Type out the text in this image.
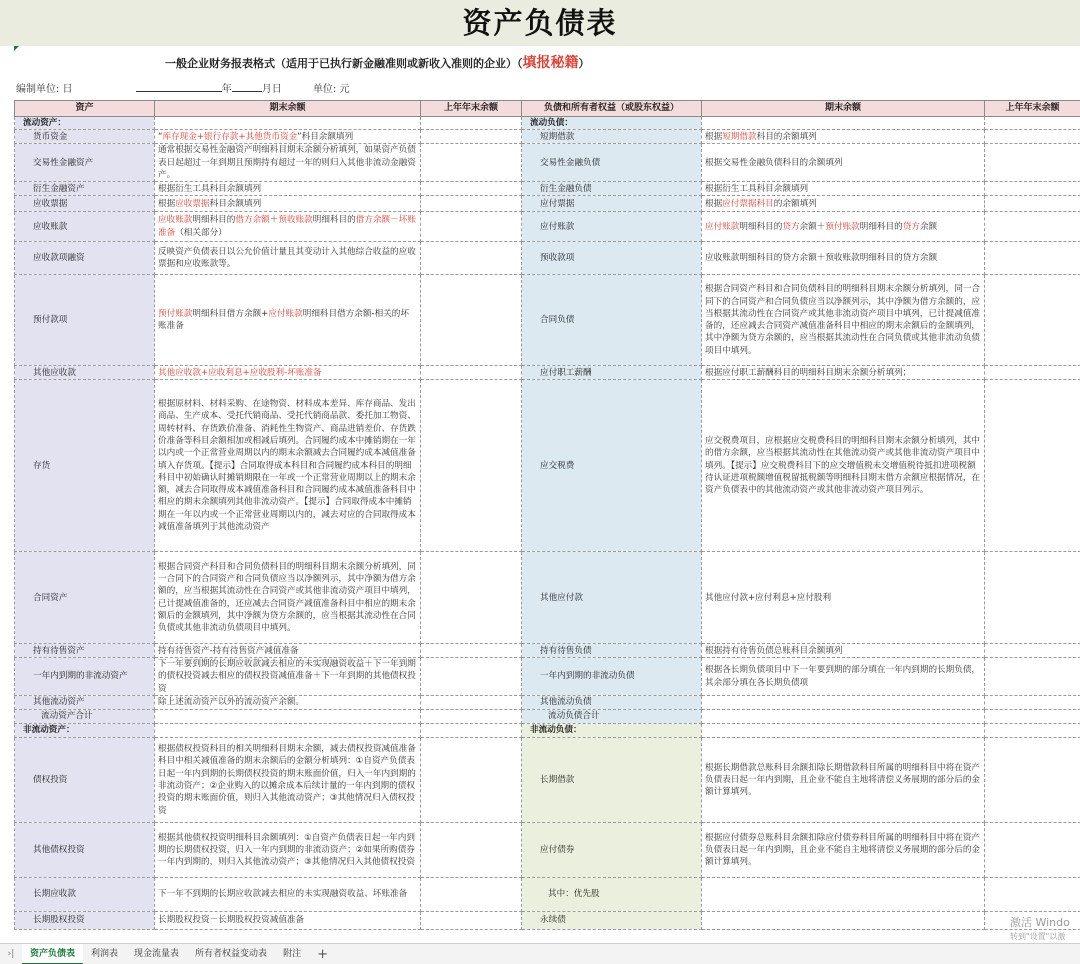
资产负债表
一般企业财务报表格式（适用于已执行新金融准则或新收入准则的企业）（填报秘籍）
编制单位: 日	年	月日	单位: 元
资产	期末余额	上年年末余额	负债和所有者权益（或股东权益）	期末余额	上年年末余额
流动资产：			流动负债：		
货币资金	“库存现金+银行存款+其他货币资金”科目余额填列		短期借款	根据短期借款科目的余额填列	
交易性金融资产	通常根据交易性金融资产明细科目期末余额分析填列，如果资产负债表日起超过一年到期且预期持有超过一年的则归入其他非流动金融资产。		交易性金融负债	根据交易性金融负债科目的余额填列	
衍生金融资产	根据衍生工具科目余额填列		衍生金融负债	根据衍生工具科目余额填列	
应收票据	根据应收票据科目余额填列		应付票据	根据应付票据科目的余额填列	
应收账款	应收账款明细科目的借方余额＋预收账款明细科目的借方余额－坏账准备（相关部分）		应付账款	应付账款明细科目的贷方余额＋预付账款明细科目的贷方余额	
应收款项融资	反映资产负债表日以公允价值计量且其变动计入其他综合收益的应收票据和应收账款等。		预收款项	应收账款明细科目的贷方余额＋预收账款明细科目的贷方余额	
预付款项	预付账款明细科目借方余额+应付账款明细科目借方余额-相关的坏账准备		合同负债	根据合同资产科目和合同负债科目的明细科目期末余额分析填列，同一合同下的合同资产和合同负债应当以净额列示，其中净额为借方余额的，应当根据其流动性在合同资产或其他非流动资产项目中填列，已计提减值准备的，还应减去合同资产减值准备科目中相应的期末余额后的金额填列，其中净额为贷方余额的，应当根据其流动性在合同负债或其他非流动负债项目中填列。	
其他应收款	其他应收款+应收利息+应收股利-坏账准备		应付职工薪酬	根据应付职工薪酬科目的明细科目期末余额分析填列；	
存货	根据原材料、材料采购、在途物资、材料成本差异、库存商品、发出商品、生产成本、受托代销商品、受托代销商品款、委托加工物资、周转材料、存货跌价准备、消耗性生物资产、商品进销差价、存货跌价准备等科目余额相加或相减后填列。合同履约成本中摊销期在一年以内或一个正常营业周期以内的期末余额减去合同履约成本减值准备填入存货项。【提示】合同取得成本科目和合同履约成本科目的明细科目中初始确认时摊销期限在一年或一个正常营业周期以上的期末余额，减去合同取得成本减值准备科目和合同履约成本减值准备科目中相应的期末余额填列其他非流动资产。【提示】合同取得成本中摊销期在一年以内或一个正常营业周期以内的，减去对应的合同取得成本减值准备填列于其他流动资产		应交税费	应交税费项目，应根据应交税费科目的明细科目期末余额分析填列，其中的借方余额，应当根据其流动性在其他流动资产或其他非流动资产项目中填列。【提示】应交税费科目下的应交增值税未交增值税待抵扣进项税额待认证进项税额增值税留抵税额等明细科目期末借方余额应根据情况，在资产负债表中的其他流动资产或其他非流动资产项目列示。	
合同资产	根据合同资产科目和合同负债科目的明细科目期末余额分析填列，同一合同下的合同资产和合同负债应当以净额列示，其中净额为借方余额的，应当根据其流动性在合同资产或其他非流动资产项目中填列，已计提减值准备的，还应减去合同资产减值准备科目中相应的期末余额后的金额填列，其中净额为贷方余额的，应当根据其流动性在合同负债或其他非流动负债项目中填列。		其他应付款	其他应付款+应付利息+应付股利	
持有待售资产	持有待售资产-持有待售资产减值准备		持有待售负债	根据持有待售负债总账科目余额填列	
一年内到期的非流动资产	下一年要到期的长期应收款减去相应的未实现融资收益＋下一年到期的债权投资减去相应的债权投资减值准备＋下一年到期的其他债权投资		一年内到期的非流动负债	根据各长期负债项目中下一年要到期的部分填在一年内到期的长期负债，其余部分填在各长期负债项	
其他流动资产	除上述流动资产以外的流动资产余额。		其他流动负债		
流动资产合计			流动负债合计		
非流动资产：			非流动负债：		
债权投资	根据债权投资科目的相关明细科目期末余额，减去债权投资减值准备科目中相关减值准备的期末余额后的金额分析填列：①自资产负债表日起一年内到期的长期债权投资的期末账面价值，归入一年内到期的非流动资产；②企业购入的以摊余成本后续计量的一年内到期的债权投资的期末账面价值，则归入其他流动资产；③其他情况归入债权投资		长期借款	根据长期借款总账科目余额扣除长期借款科目所属的明细科目中将在资产负债表日起一年内到期，且企业不能自主地将清偿义务展期的部分后的金额计算填列。	
其他债权投资	根据其他债权投资明细科目余额填列：①自资产负债表日起一年内到期的长期债权投资，归入一年内到期的非流动资产；②如果所购债券一年内到期的，则归入其他流动资产；③其他情况归入其他债权投资		应付债券	根据应付债券总账科目余额扣除应付债券科目所属的明细科目中将在资产负债表日起一年内到期，且企业不能自主地将清偿义务展期的部分后的金额计算填列。	
长期应收款	下一年不到期的长期应收款减去相应的未实现融资收益、坏账准备		其中：优先股		
长期股权投资	长期股权投资－长期股权投资减值准备		永续债			激活 Windo
转到"设置"以激
›|	资产负债表	利润表	现金流量表	所有者权益变动表	附注	+
